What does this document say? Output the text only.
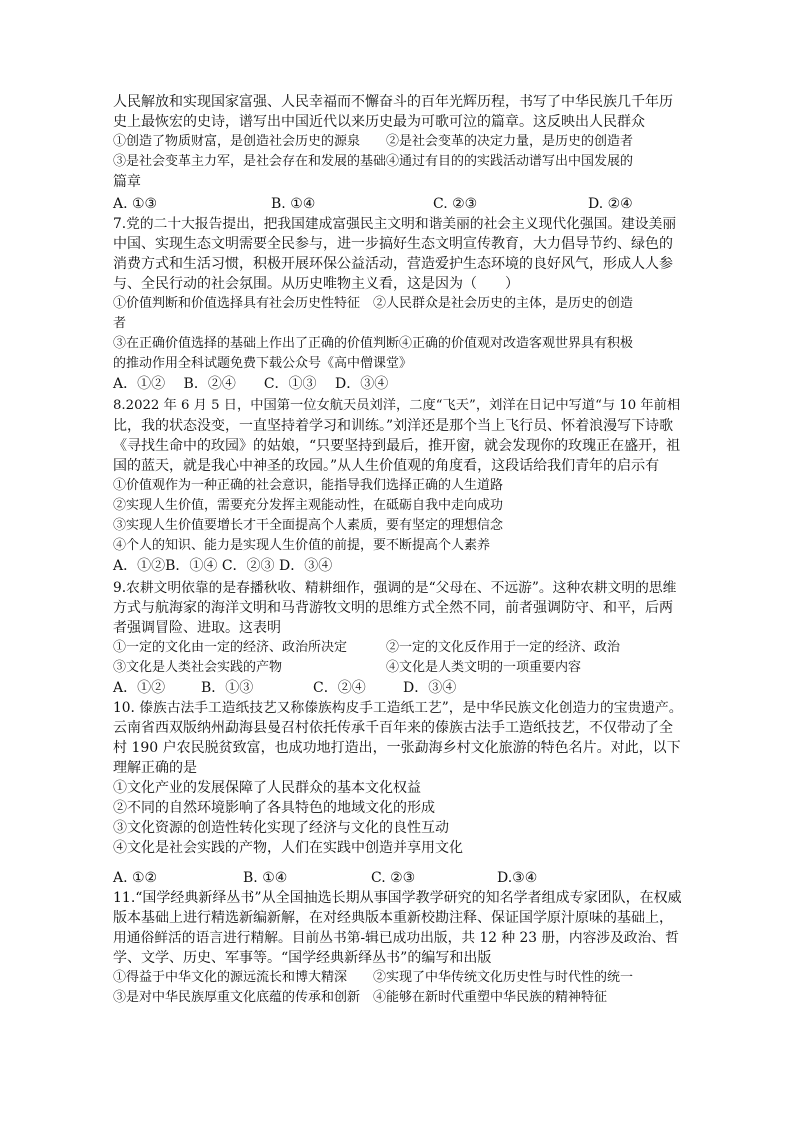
人民解放和实现国家富强、人民幸福而不懈奋斗的百年光辉历程，书写了中华民族几千年历
史上最恢宏的史诗，谱写出中国近代以来历史最为可歌可泣的篇章。这反映出人民群众
①创造了物质财富，是创造社会历史的源泉　　②是社会变革的决定力量，是历史的创造者
③是社会变革主力军，是社会存在和发展的基础④通过有目的的实践活动谱写出中国发展的
篇章
A. ①③	B. ①④	C. ②③	D. ②④
7.党的二十大报告提出，把我国建成富强民主文明和谐美丽的社会主义现代化强国。建设美丽
中国、实现生态文明需要全民参与，进一步搞好生态文明宣传教育，大力倡导节约、绿色的
消费方式和生活习惯，积极开展环保公益活动，营造爱护生态环境的良好风气，形成人人参
与、全民行动的社会氛围。从历史唯物主义看，这是因为（　　）
①价值判断和价值选择具有社会历史性特征　②人民群众是社会历史的主体，是历史的创造
者
③在正确价值选择的基础上作出了正确的价值判断④正确的价值观对改造客观世界具有积极
的推动作用全科试题免费下载公众号《高中僧课堂》
A．①②　 B．②④　　C．①③　 D．③④
8.2022 年 6 月 5 日，中国第一位女航天员刘洋，二度“飞天”，刘洋在日记中写道“与 10 年前相
比，我的状态没变，一直坚持着学习和训练。”刘洋还是那个当上飞行员、怀着浪漫写下诗歌
《寻找生命中的玫园》的姑娘，“只要坚持到最后，推开窗，就会发现你的玫瑰正在盛开，祖
国的蓝天，就是我心中神圣的玫园。”从人生价值观的角度看，这段话给我们青年的启示有
①价值观作为一种正确的社会意识，能指导我们选择正确的人生道路
②实现人生价值，需要充分发挥主观能动性，在砥砺自我中走向成功
③实现人生价值要增长才干全面提高个人素质，要有坚定的理想信念
④个人的知识、能力是实现人生价值的前提，要不断提高个人素养
A．①②B．①④ C．②③ D．③④
9.农耕文明依靠的是春播秋收、精耕细作，强调的是“父母在、不远游”。这种农耕文明的思维
方式与航海家的海洋文明和马背游牧文明的思维方式全然不同，前者强调防守、和平，后两
者强调冒险、进取。这表明
①一定的文化由一定的经济、政治所决定　　　②一定的文化反作用于一定的经济、政治
③文化是人类社会实践的产物　　　　　　　　④文化是人类文明的一项重要内容
A．①②	B．①③	C．②④	D．③④
10. 傣族古法手工造纸技艺又称傣族构皮手工造纸工艺”，是中华民族文化创造力的宝贵遗产。
云南省西双版纳州勐海县曼召村依托传承千百年来的傣族古法手工造纸技艺，不仅带动了全
村 190 户农民脱贫致富，也成功地打造出，一张勐海乡村文化旅游的特色名片。对此，以下
理解正确的是
①文化产业的发展保障了人民群众的基本文化权益
②不同的自然环境影响了各具特色的地域文化的形成
③文化资源的创造性转化实现了经济与文化的良性互动
④文化是社会实践的产物，人们在实践中创造并享用文化
A. ①②	B. ①④	C. ②③	D.③④
11.“国学经典新绎丛书”从全国抽选长期从事国学教学研究的知名学者组成专家团队，在权威
版本基础上进行精选新编新解，在对经典版本重新校勘注释、保证国学原汁原味的基础上，
用通俗鲜活的语言进行精解。目前丛书第-辑已成功出版，共 12 种 23 册，内容涉及政治、哲
学、文学、历史、军事等。“国学经典新绎丛书”的编写和出版
①得益于中华文化的源远流长和博大精深　　②实现了中华传统文化历史性与时代性的统一
③是对中华民族厚重文化底蕴的传承和创新　④能够在新时代重塑中华民族的精神特征
